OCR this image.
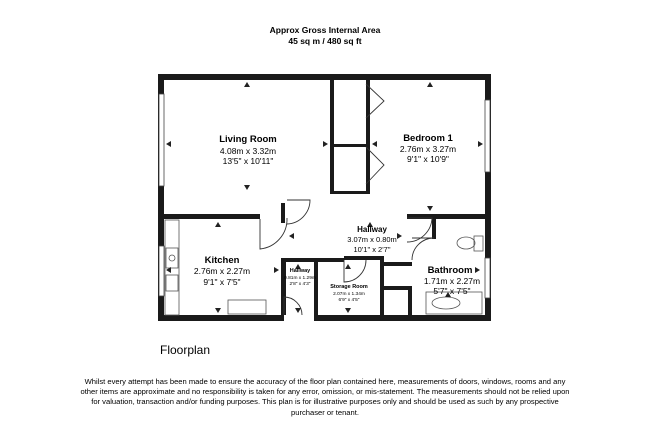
Approx Gross Internal Area
45 sq m / 480 sq ft
Living Room
4.08m x 3.32m
13'5" x 10'11"
Bedroom 1
2.76m x 3.27m
9'1" x 10'9"
Hallway
3.07m x 0.80m
10'1" x 2'7"
Kitchen
2.76m x 2.27m
9'1" x 7'5"
Hallway
0.81m x 1.29m
2'8" x 4'3"	Storage Room
2.07m x 1.34m
6'9" x 4'5"
Bathroom
1.71m x 2.27m
5'7" x 7'5"
Floorplan
Whilst every attempt has been made to ensure the accuracy of the floor plan contained here, measurements of doors, windows, rooms and any other items are approximate and no responsibility is taken for any error, omission, or mis-statement. The measurements should not be relied upon for valuation, transaction and/or funding purposes. This plan is for illustrative purposes only and should be used as such by any prospective purchaser or tenant.
